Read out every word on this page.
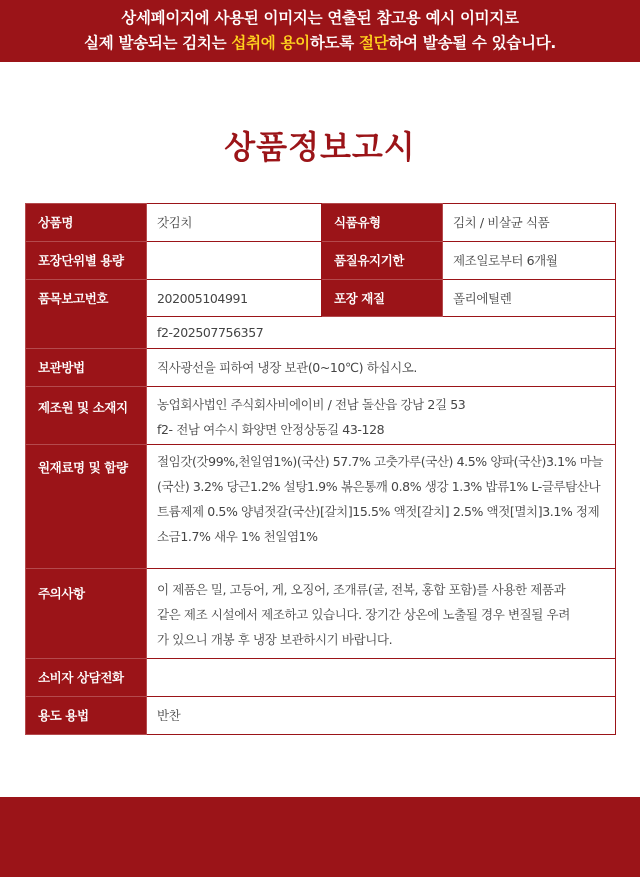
상세페이지에 사용된 이미지는 연출된 참고용 예시 이미지로
실제 발송되는 김치는 섭취에 용이하도록 절단하여 발송될 수 있습니다.
상품정보고시
상품명	갓김치	식품유형	김치 / 비살균 식품
포장단위별 용량		품질유지기한	제조일로부터 6개월
품목보고번호	202005104991	포장 재질	폴리에틸렌
	f2-202507756357		
보관방법	직사광선을 피하여 냉장 보관(0~10℃) 하십시오.		
제조원 및 소재지	농업회사법인 주식회사비에이비 / 전남 돌산읍 강남 2길 53
f2- 전남 여수시 화양면 안정상동길 43-128		

원재료명 및 함량	절임갓(갓99%,천일염1%)(국산) 57.7% 고춧가루(국산) 4.5% 양파(국산)3.1% 마늘
(국산) 3.2% 당근1.2% 설탕1.9% 볶은통깨 0.8% 생강 1.3% 밥류1% L-글루탐산나
트륨제제 0.5% 양념젓갈(국산)[갈치]15.5% 액젓[갈치] 2.5% 액젓[멸치]3.1% 정제
소금1.7% 새우 1% 천일염1%		

주의사항	이 제품은 밀, 고등어, 게, 오징어, 조개류(굴, 전복, 홍합 포함)를 사용한 제품과
같은 제조 시설에서 제조하고 있습니다. 장기간 상온에 노출될 경우 변질될 우려
가 있으니 개봉 후 냉장 보관하시기 바랍니다.		

소비자 상담전화			
용도 용법	반찬		
